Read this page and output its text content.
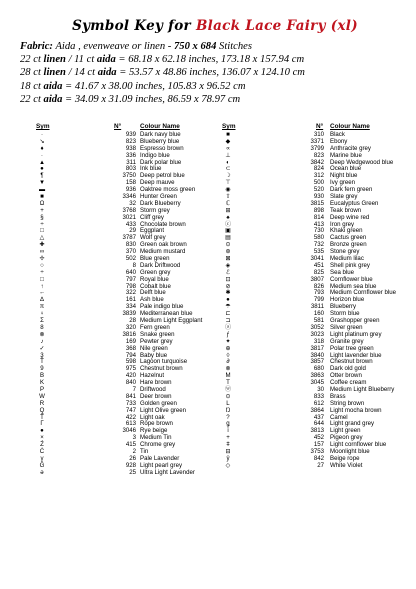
Symbol Key for Black Lace Fairy (xl)
Fabric: Aida , evenweave or linen - 750 x 684 Stitches
22 ct linen / 11 ct aida = 68.18 x 62.18 inches, 173.18 x 157.94 cm
28 ct linen / 14 ct aida = 53.57 x 48.86 inches, 136.07 x 124.10 cm
18 ct aida = 41.67 x 38.00 inches, 105.83 x 96.52 cm
22 ct aida = 34.09 x 31.09 inches, 86.59 x 78.97 cm
Sym	N°	Colour Name
·	939 Dark navy blue
↘	823 Blueberry blue
♦	938 Espresso brown
∙	336 Indigo blue
▲	311 Dark polar blue
●	803 Ink blue
¶	3750 Deep petrol blue
▼	158 Deep mauve
▬	936 Oaktree moss green
■	3346 Hunter Green
Ω	32 Dark Blueberry
+	3768 Storm grey
§	3021 Cliff grey
÷	433 Chocolate brown
□	29 Eggplant
△	3787 Wolf grey
✚	830 Green oak brown
∞	370 Medium mustard
✢	502 Blue green
○	8 Dark Driftwood
÷	640 Green grey
□	797 Royal blue
↑	798 Cobalt blue
←	322 Delft blue
∆	161 Ash blue
π	334 Pale indigo blue
♀	3839 Mediterranean blue
Σ	28 Medium Light Eggplant
8	320 Fern green
⊗	3816 Snake green
♪	169 Pewter grey
✓	368 Nile green
3	794 Baby blue
Ť	598 Lagoon turquoise
9	975 Chestnut brown
B	420 Hazelnut
K	840 Hare brown
P	7 Driftwood
W	841 Deer brown
R	733 Golden green
Q	747 Light Olive green
Ť	422 Light oak
Γ	613 Rope brown
●	3046 Rye beige
×	3 Medium Tin
Ź	415 Chrome grey
Ċ	2 Tin
γ	26 Pale Lavender
Ĝ	928 Light pearl grey
ǝ	25 Ultra Light Lavender
Sym	N° Colour Name
■	310 Black
◆	3371 Ebony
∝	3799 Anthracite grey
⊥	823 Marine blue
◐	3842 Deep Wedgewood blue
⊂	824 Ocean blue
☽	312 Night blue
⊤	500 Ivy green
◉	520 Dark fern green
⇧	930 Slate grey
ℂ	3815 Eucalyptus Green
⊞	898 Teak brown
♠	814 Deep wine red
ⓒ	413 Iron grey
▣	730 Khaki green
▤	580 Cactus green
⊙	732 Bronze green
⊛	535 Stone grey
⊠	3041 Medium lilac
◈	451 Shell pink grey
ℰ	825 Sea blue
⊡	3807 Cornflower blue
⊘	826 Medium sea blue
✱	793 Medium Cornflower blue
●	799 Horizon blue
☂	3811 Blueberry
⊏	160 Storm blue
⊐	581 Grashopper green
ⓐ	3052 Silver green
ƒ	3023 Light platinum grey
✦	318 Granite grey
⊕	3817 Polar tree green
◊	3840 Light lavender blue
∂	3857 Chestnut brown
⊗	680 Dark old gold
M	3863 Otter brown
T	3045 Coffee cream
ⓦ	30 Medium Light Blueberry
⊙	833 Brass
L	612 String brown
Ŋ	3864 Light mocha brown
?	437 Camel
ǥ	644 Light grand grey
ǐ	3813 Light green
+	452 Pigeon grey
ǂ	157 Light cornflower blue
⊟	3753 Moonlight blue
ŷ	842 Beige rope
◇	27 White Violet
